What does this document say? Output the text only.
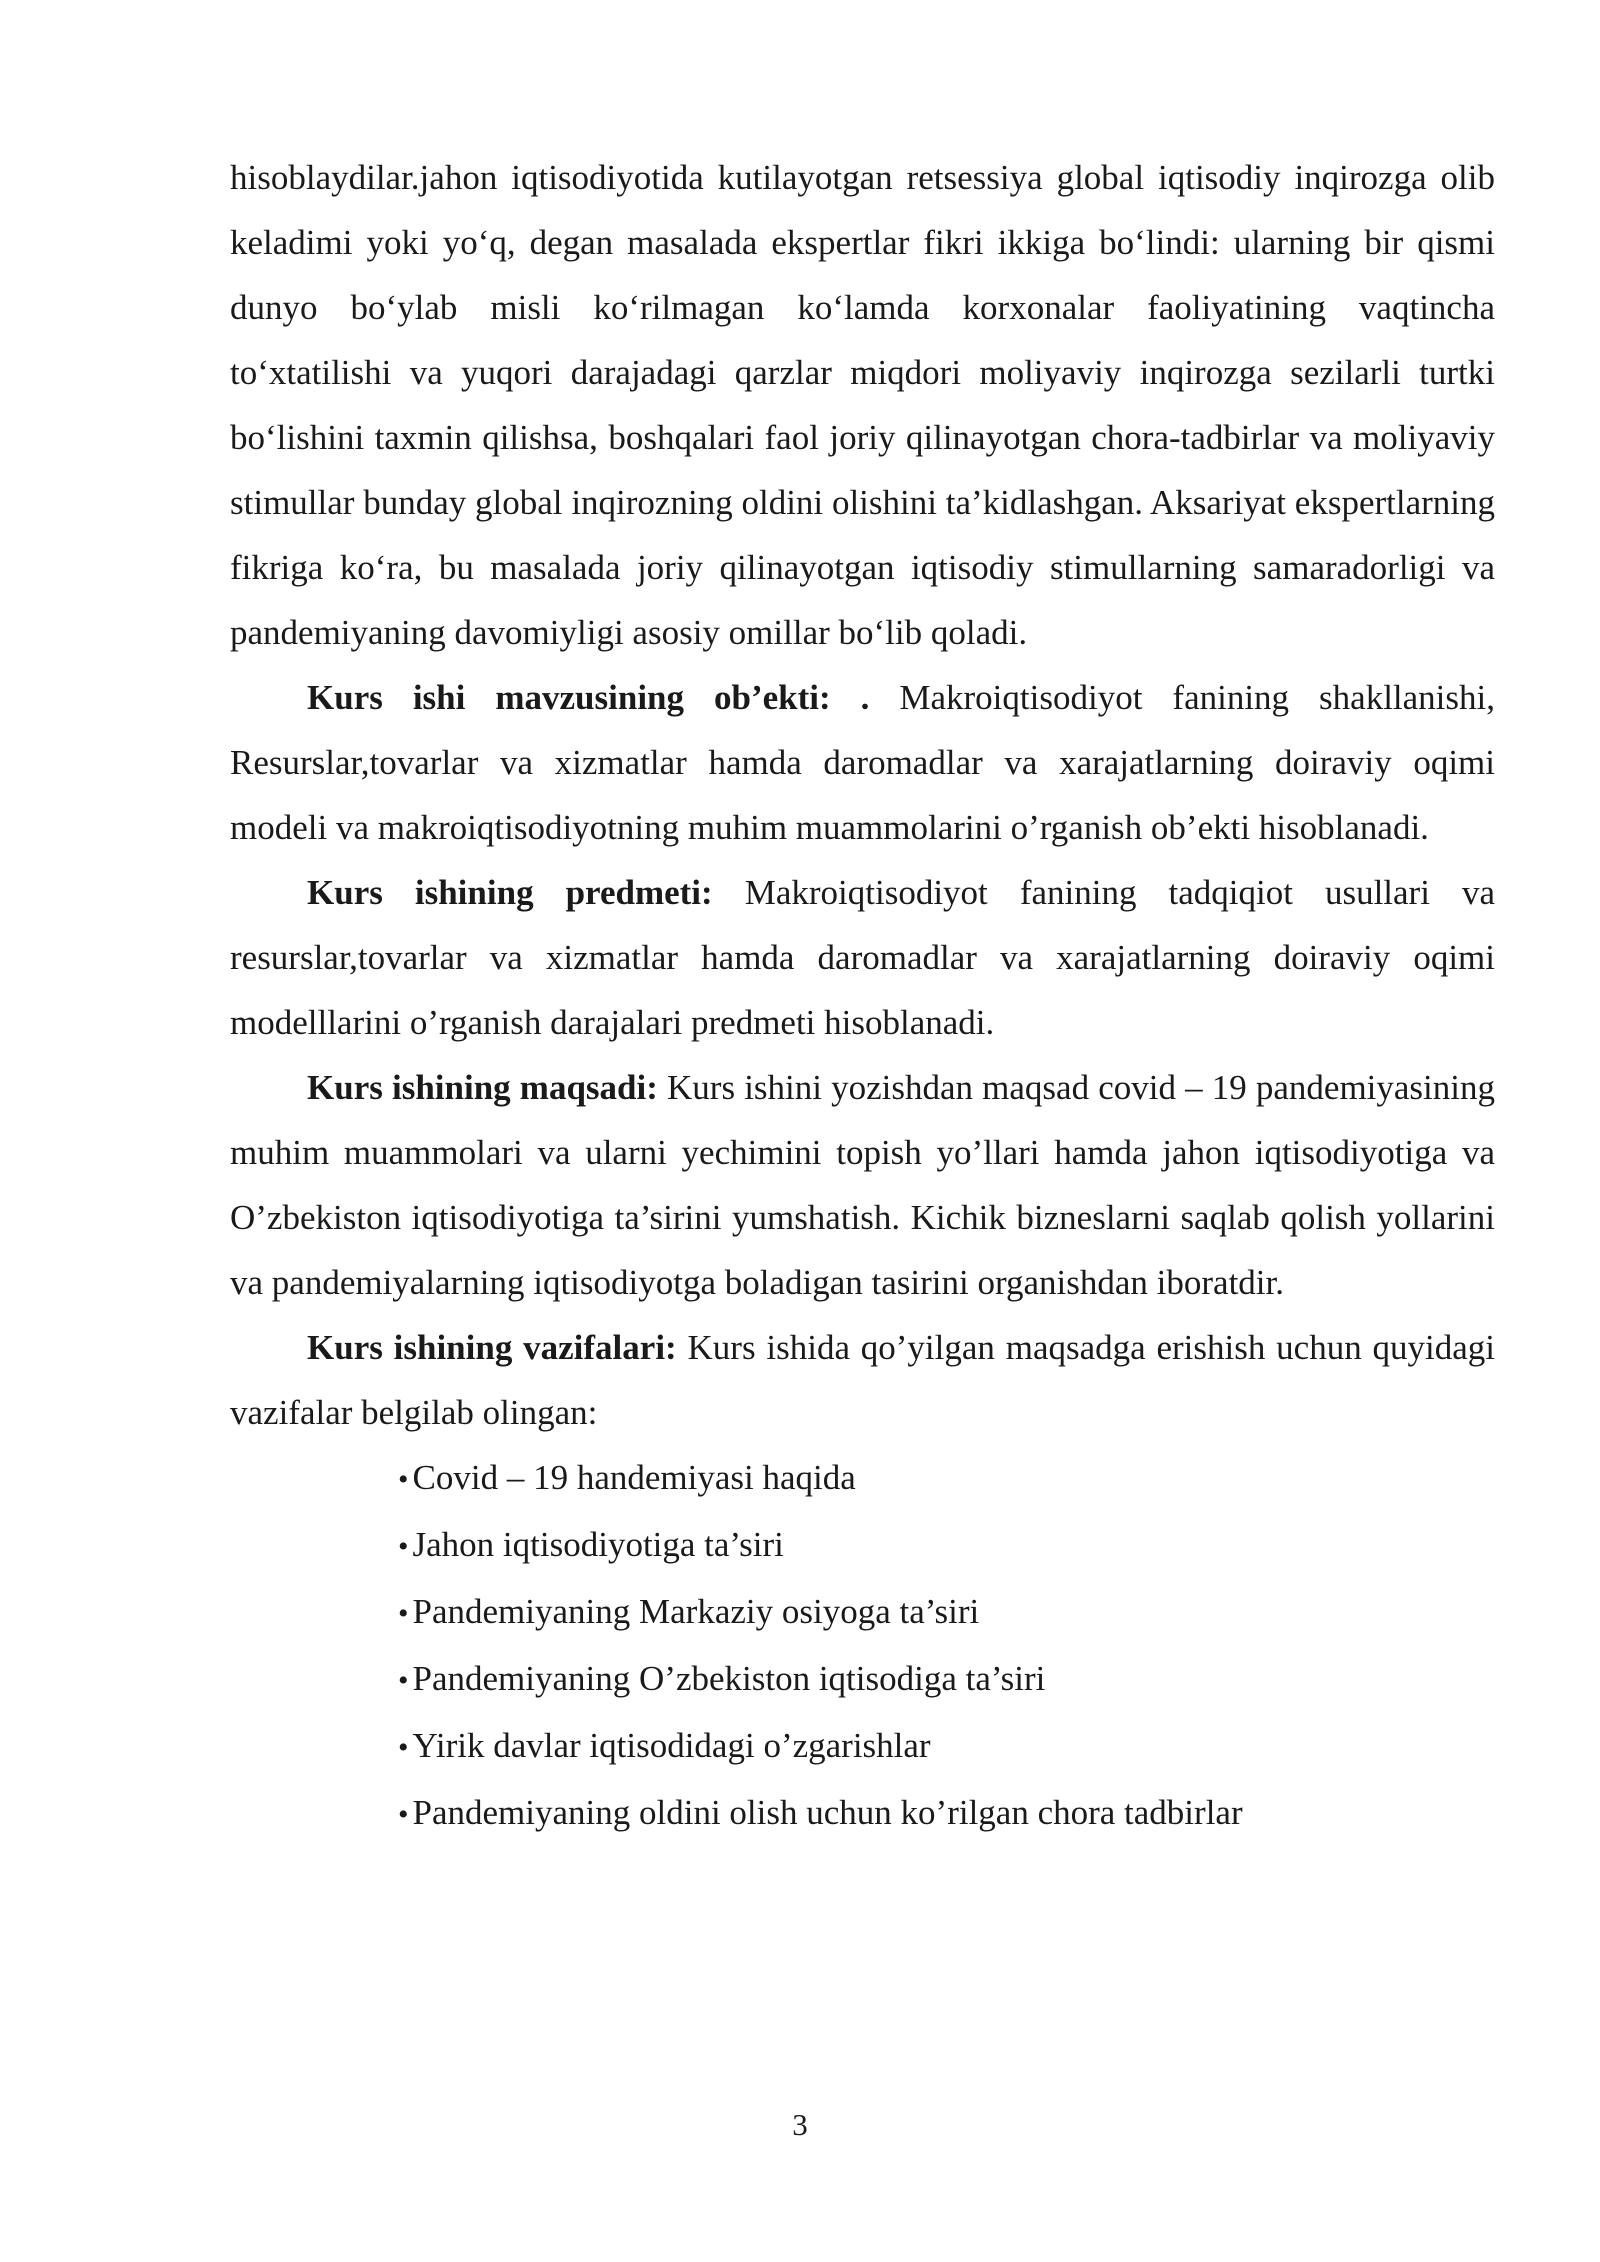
hisoblaydilar.jahon iqtisodiyotida kutilayotgan retsessiya global iqtisodiy inqirozga olib keladimi yoki yo‘q, degan masalada ekspertlar fikri ikkiga bo‘lindi: ularning bir qismi dunyo bo‘ylab misli ko‘rilmagan ko‘lamda korxonalar faoliyatining vaqtincha to‘xtatilishi va yuqori darajadagi qarzlar miqdori moliyaviy inqirozga sezilarli turtki bo‘lishini taxmin qilishsa, boshqalari faol joriy qilinayotgan chora-tadbirlar va moliyaviy stimullar bunday global inqirozning oldini olishini ta’kidlashgan. Aksariyat ekspertlarning fikriga ko‘ra, bu masalada joriy qilinayotgan iqtisodiy stimullarning samaradorligi va pandemiyaning davomiyligi asosiy omillar bo‘lib qoladi.

Kurs ishi mavzusining ob’ekti: . Makroiqtisodiyot fanining shakllanishi, Resurslar,tovarlar va xizmatlar hamda daromadlar va xarajatlarning doiraviy oqimi modeli va makroiqtisodiyotning muhim muammolarini o’rganish ob’ekti hisoblanadi.

Kurs ishining predmeti: Makroiqtisodiyot fanining tadqiqiot usullari va resurslar,tovarlar va xizmatlar hamda daromadlar va xarajatlarning doiraviy oqimi modelllarini o’rganish darajalari predmeti hisoblanadi.

Kurs ishining maqsadi: Kurs ishini yozishdan maqsad covid – 19 pandemiyasining muhim muammolari va ularni yechimini topish yo’llari hamda jahon iqtisodiyotiga va O’zbekiston iqtisodiyotiga ta’sirini yumshatish. Kichik bizneslarni saqlab qolish yollarini va pandemiyalarning iqtisodiyotga boladigan tasirini organishdan iboratdir.

Kurs ishining vazifalari: Kurs ishida qo’yilgan maqsadga erishish uchun quyidagi vazifalar belgilab olingan:

• Covid – 19 handemiyasi haqida
• Jahon iqtisodiyotiga ta’siri
• Pandemiyaning Markaziy osiyoga ta’siri
• Pandemiyaning O’zbekiston iqtisodiga ta’siri
• Yirik davlar iqtisodidagi o’zgarishlar
• Pandemiyaning oldini olish uchun ko’rilgan chora tadbirlar
3
